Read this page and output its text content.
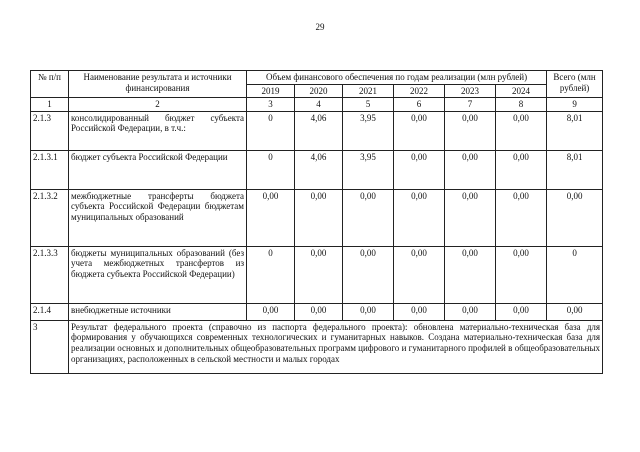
29
№ п/п	Наименование результата и источники финансирования	Объем финансового обеспечения по годам реализации (млн рублей)						Всего (млн рублей)
		2019	2020	2021	2022	2023	2024	
1	2	3	4	5	6	7	8	9
2.1.3	консолидированный бюджет субъекта Российской Федерации, в т.ч.:	0	4,06	3,95	0,00	0,00	0,00	8,01
2.1.3.1	бюджет субъекта Российской Федерации	0	4,06	3,95	0,00	0,00	0,00	8,01
2.1.3.2	межбюджетные трансферты бюджета субъекта Российской Федерации бюджетам муниципальных образований	0,00	0,00	0,00	0,00	0,00	0,00	0,00
2.1.3.3	бюджеты муниципальных образований (без учета межбюджетных трансфертов из бюджета субъекта Российской Федерации)	0	0,00	0,00	0,00	0,00	0,00	0
2.1.4	внебюджетные источники	0,00	0,00	0,00	0,00	0,00	0,00	0,00
3	Результат федерального проекта (справочно из паспорта федерального проекта): обновлена материально-техническая база для формирования у обучающихся современных технологических и гуманитарных навыков. Создана материально-техническая база для реализации основных и дополнительных общеобразовательных программ цифрового и гуманитарного профилей в общеобразовательных организациях, расположенных в сельской местности и малых городах							
